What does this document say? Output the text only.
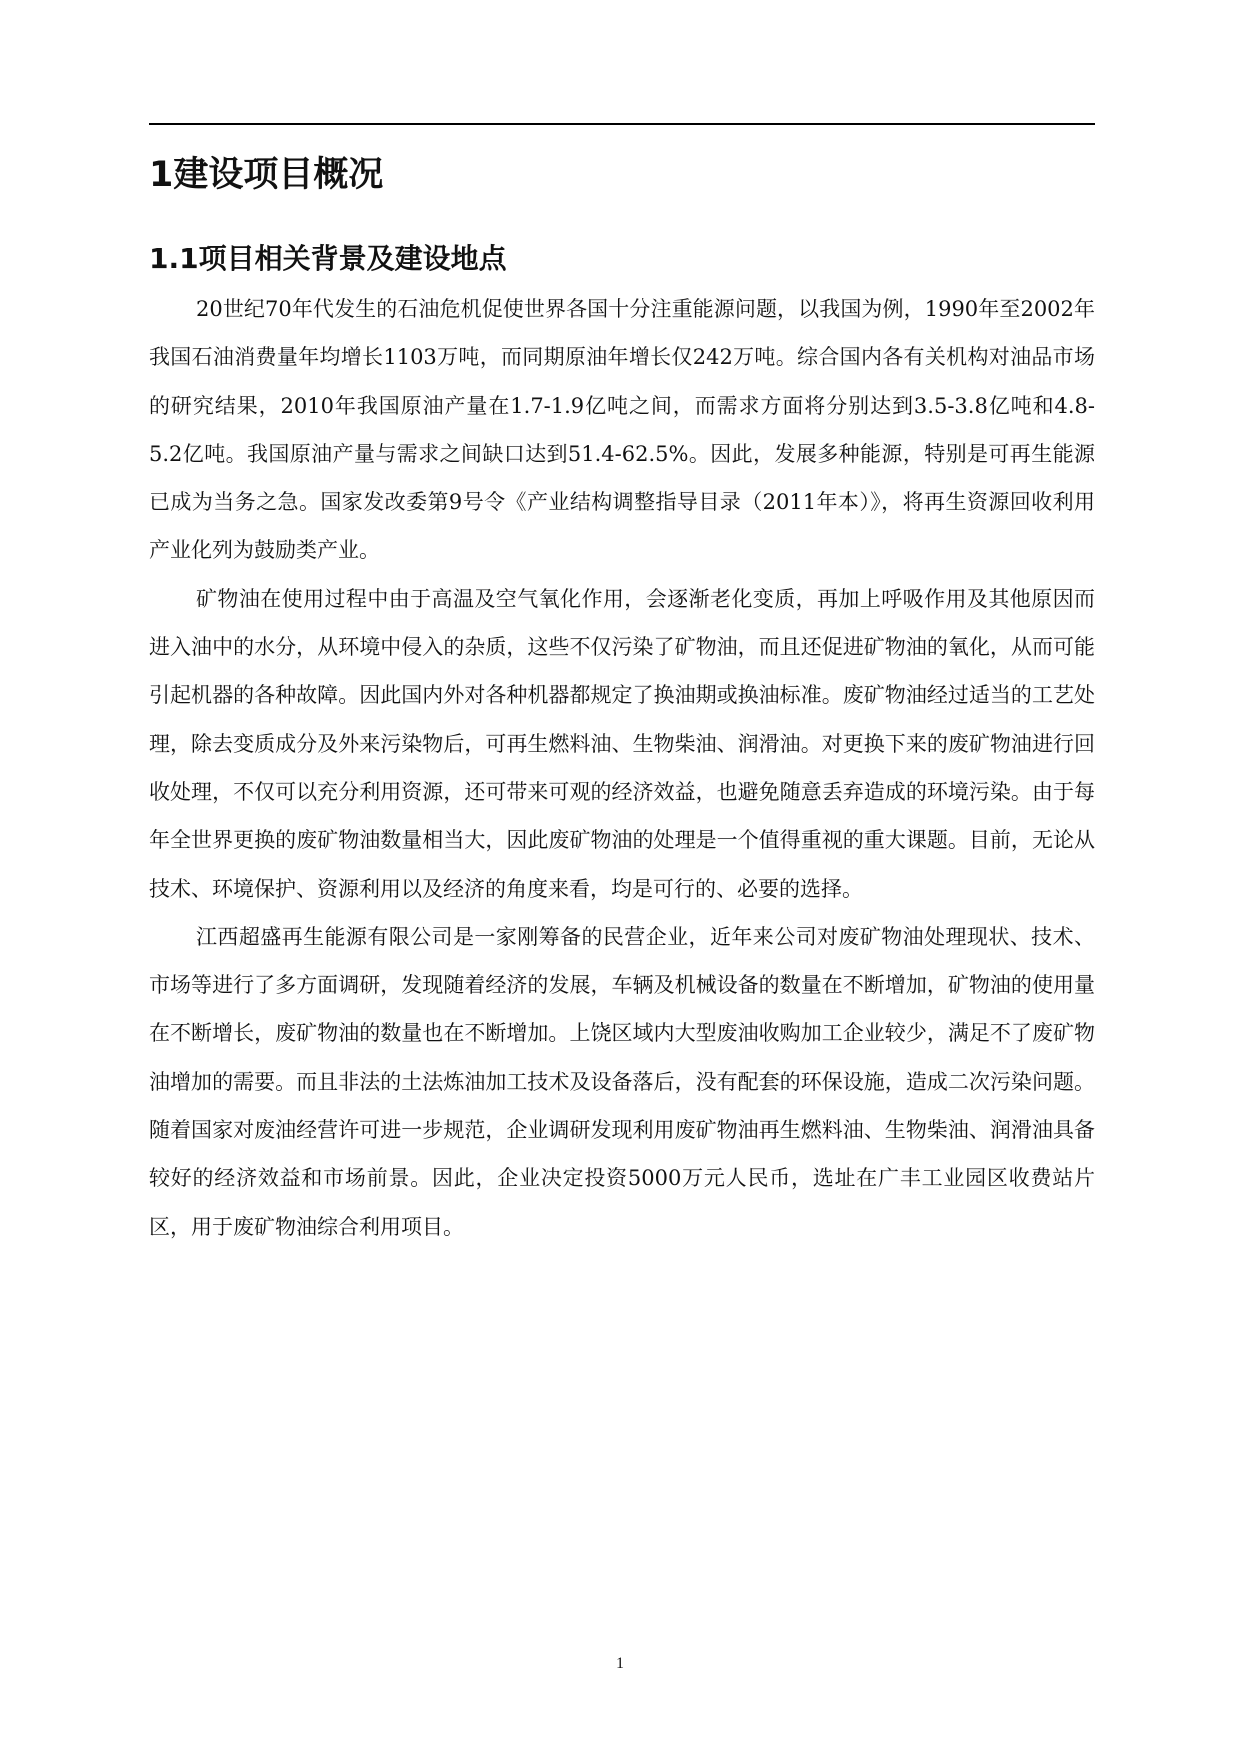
1建设项目概况
1.1项目相关背景及建设地点

20世纪70年代发生的石油危机促使世界各国十分注重能源问题，以我国为例，1990年至2002年我国石油消费量年均增长1103万吨，而同期原油年增长仅242万吨。综合国内各有关机构对油品市场的研究结果，2010年我国原油产量在1.7-1.9亿吨之间，而需求方面将分别达到3.5-3.8亿吨和4.8-5.2亿吨。我国原油产量与需求之间缺口达到51.4-62.5%。因此，发展多种能源，特别是可再生能源已成为当务之急。国家发改委第9号令《产业结构调整指导目录（2011年本）》，将再生资源回收利用产业化列为鼓励类产业。

矿物油在使用过程中由于高温及空气氧化作用，会逐渐老化变质，再加上呼吸作用及其他原因而进入油中的水分，从环境中侵入的杂质，这些不仅污染了矿物油，而且还促进矿物油的氧化，从而可能引起机器的各种故障。因此国内外对各种机器都规定了换油期或换油标准。废矿物油经过适当的工艺处理，除去变质成分及外来污染物后，可再生燃料油、生物柴油、润滑油。对更换下来的废矿物油进行回收处理，不仅可以充分利用资源，还可带来可观的经济效益，也避免随意丢弃造成的环境污染。由于每年全世界更换的废矿物油数量相当大，因此废矿物油的处理是一个值得重视的重大课题。目前，无论从技术、环境保护、资源利用以及经济的角度来看，均是可行的、必要的选择。

江西超盛再生能源有限公司是一家刚筹备的民营企业，近年来公司对废矿物油处理现状、技术、市场等进行了多方面调研，发现随着经济的发展，车辆及机械设备的数量在不断增加，矿物油的使用量在不断增长，废矿物油的数量也在不断增加。上饶区域内大型废油收购加工企业较少，满足不了废矿物油增加的需要。而且非法的土法炼油加工技术及设备落后，没有配套的环保设施，造成二次污染问题。随着国家对废油经营许可进一步规范，企业调研发现利用废矿物油再生燃料油、生物柴油、润滑油具备较好的经济效益和市场前景。因此，企业决定投资5000万元人民币，选址在广丰工业园区收费站片区，用于废矿物油综合利用项目。

1
